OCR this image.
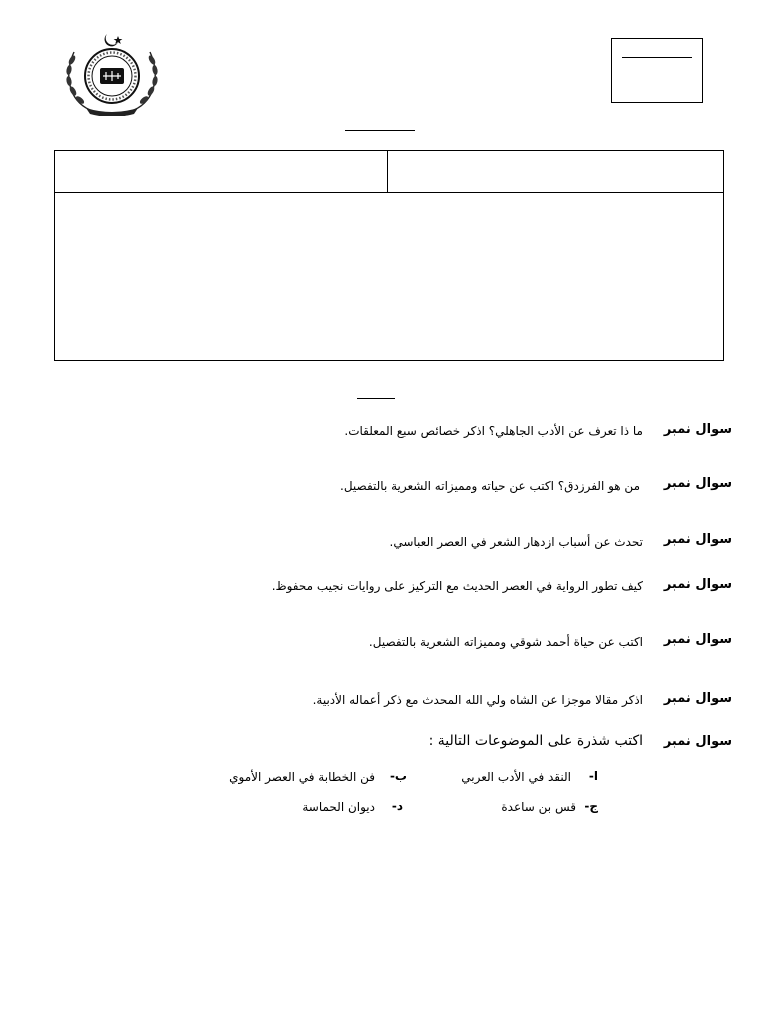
سوال نمبر
ما ذا تعرف عن الأدب الجاهلي؟ اذكر خصائص سبع المعلقات.
سوال نمبر
من هو الفرزدق؟ اكتب عن حياته ومميزاته الشعرية بالتفصيل.
سوال نمبر
تحدث عن أسباب ازدهار الشعر في العصر العباسي.
سوال نمبر
كيف تطور الرواية في العصر الحديث مع التركيز على روايات نجيب محفوظ.
سوال نمبر
اكتب عن حياة أحمد شوقي ومميزاته الشعرية بالتفصيل.
سوال نمبر
اذكر مقالا موجزا عن الشاه ولي الله المحدث مع ذكر أعماله الأدبية.
سوال نمبر
اكتب شذرة على الموضوعات التالية :
ا-
النقد في الأدب العربي
ب-
فن الخطابة في العصر الأموي
ج-
قس بن ساعدة
د-
ديوان الحماسة
